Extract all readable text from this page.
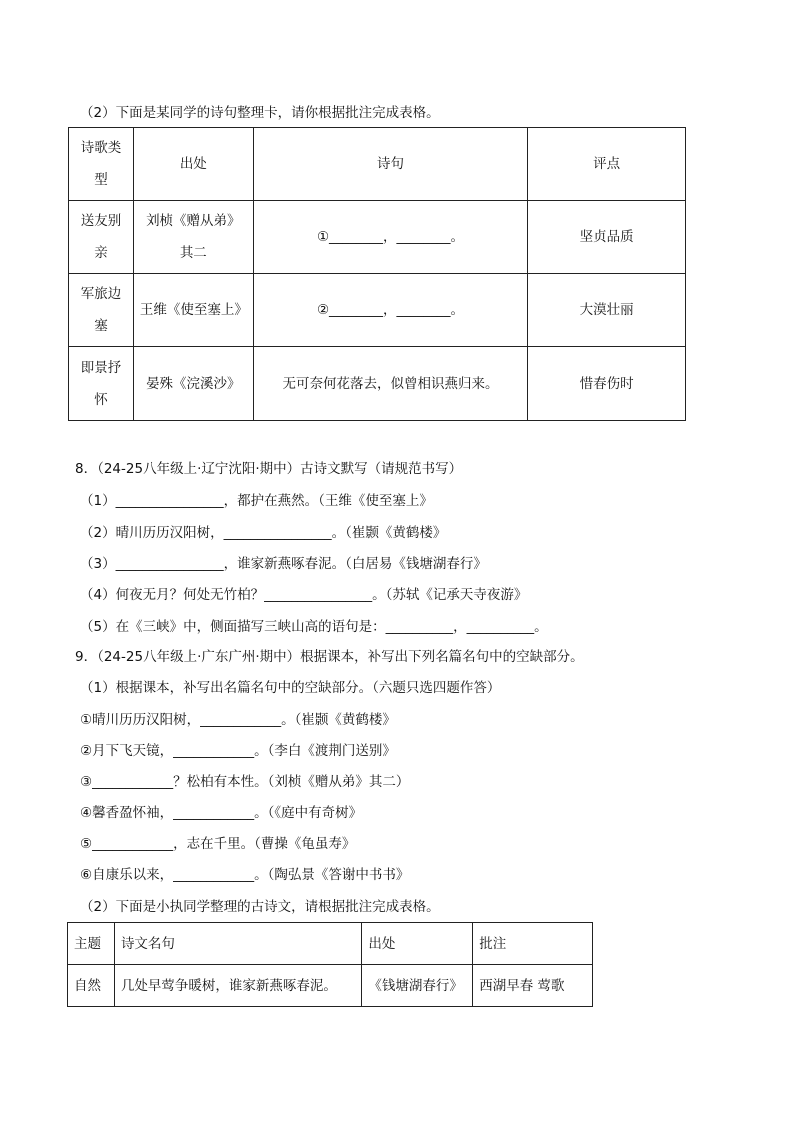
（2）下面是某同学的诗句整理卡，请你根据批注完成表格。
诗歌类型	出处	诗句	评点
送友别亲	刘桢《赠从弟》其二	①________，________。	坚贞品质
军旅边塞	王维《使至塞上》	②________，________。	大漠壮丽
即景抒怀	晏殊《浣溪沙》	无可奈何花落去，似曾相识燕归来。	惜春伤时
8．（24-25八年级上·辽宁沈阳·期中）古诗文默写（请规范书写）
（1）________________，都护在燕然。（王维《使至塞上》
（2）晴川历历汉阳树，________________。（崔颢《黄鹤楼》
（3）________________，谁家新燕啄春泥。（白居易《钱塘湖春行》
（4）何夜无月？何处无竹柏？________________。（苏轼《记承天寺夜游》
（5）在《三峡》中，侧面描写三峡山高的语句是：__________，__________。
9．（24-25八年级上·广东广州·期中）根据课本，补写出下列名篇名句中的空缺部分。
（1）根据课本，补写出名篇名句中的空缺部分。（六题只选四题作答）
①晴川历历汉阳树，____________。（崔颢《黄鹤楼》
②月下飞天镜，____________。（李白《渡荆门送别》
③____________？松柏有本性。（刘桢《赠从弟》其二）
④馨香盈怀袖，____________。（《庭中有奇树》
⑤____________，志在千里。（曹操《龟虽寿》
⑥自康乐以来，____________。（陶弘景《答谢中书书》
（2）下面是小执同学整理的古诗文，请根据批注完成表格。
主题	诗文名句	出处	批注
自然	几处早莺争暖树，谁家新燕啄春泥。	《钱塘湖春行》	西湖早春 莺歌
